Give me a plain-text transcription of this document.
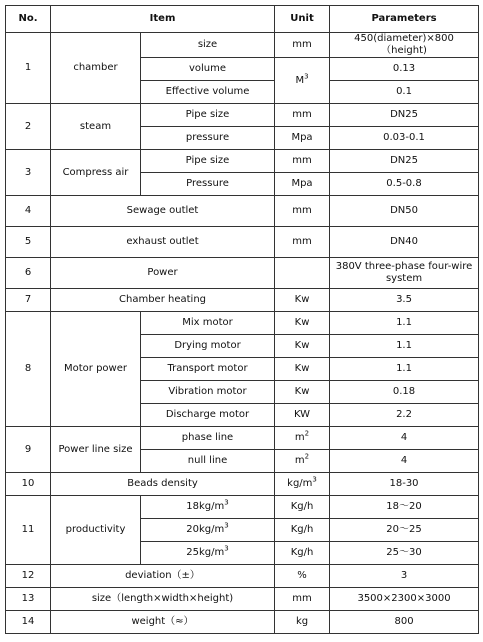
No.	Item		Unit	Parameters
1	chamber	size	mm	450(diameter)×800（height)
		volume	$M^3$	0.13
		Effective volume		0.1
2	steam	Pipe size	mm	DN25
		pressure	Mpa	0.03-0.1
3	Compress air	Pipe size	mm	DN25
		Pressure	Mpa	0.5-0.8
4	Sewage outlet		mm	DN50
5	exhaust outlet		mm	DN40
6	Power			380V three-phase four-wire system
7	Chamber heating		Kw	3.5
8	Motor power	Mix motor	Kw	1.1
		Drying motor	Kw	1.1
		Transport motor	Kw	1.1
		Vibration motor	Kw	0.18
		Discharge motor	KW	2.2
9	Power line size	phase line	$m^2$	4
		null line	$m^2$	4
10	Beads density		$kg/m^3$	18-30
11	productivity	$18kg/m^3$	Kg/h	18～20
		$20kg/m^3$	Kg/h	20～25
		$25kg/m^3$	Kg/h	25～30
12	deviation（±）		%	3
13	size（length×width×height)		mm	3500×2300×3000
14	weight（≈）		kg	800
